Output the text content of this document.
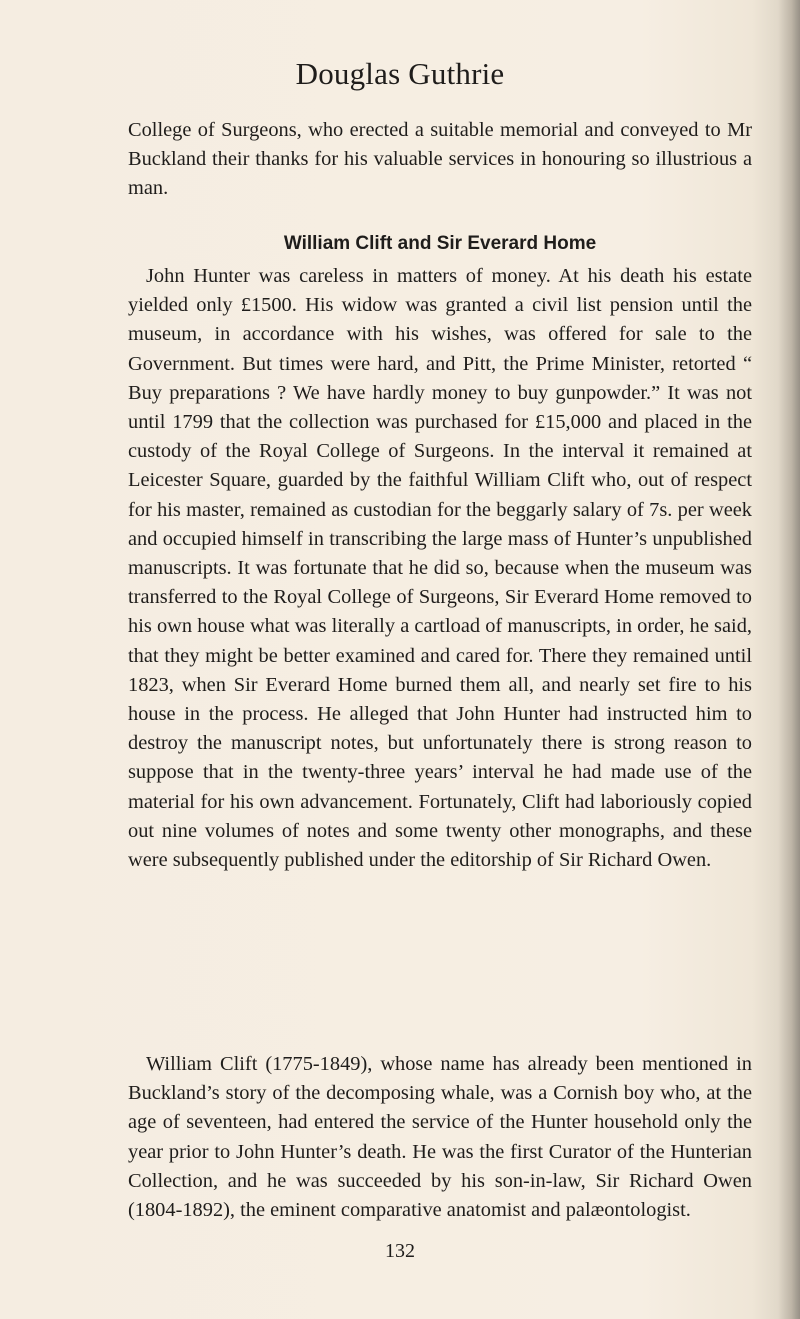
Douglas Guthrie

College of Surgeons, who erected a suitable memorial and conveyed to Mr Buckland their thanks for his valuable services in honouring so illustrious a man.

William Clift and Sir Everard Home

John Hunter was careless in matters of money. At his death his estate yielded only £1500. His widow was granted a civil list pension until the museum, in accordance with his wishes, was offered for sale to the Government. But times were hard, and Pitt, the Prime Minister, retorted “ Buy preparations ? We have hardly money to buy gunpowder.” It was not until 1799 that the collection was purchased for £15,000 and placed in the custody of the Royal College of Surgeons. In the interval it remained at Leicester Square, guarded by the faithful William Clift who, out of respect for his master, remained as custodian for the beggarly salary of 7s. per week and occupied himself in transcribing the large mass of Hunter’s unpublished manuscripts. It was fortunate that he did so, because when the museum was transferred to the Royal College of Surgeons, Sir Everard Home removed to his own house what was literally a cartload of manuscripts, in order, he said, that they might be better examined and cared for. There they remained until 1823, when Sir Everard Home burned them all, and nearly set fire to his house in the process. He alleged that John Hunter had instructed him to destroy the manuscript notes, but unfortunately there is strong reason to suppose that in the twenty-three years’ interval he had made use of the material for his own advancement. Fortunately, Clift had laboriously copied out nine volumes of notes and some twenty other monographs, and these were subsequently published under the editorship of Sir Richard Owen.

William Clift (1775-1849), whose name has already been mentioned in Buckland’s story of the decomposing whale, was a Cornish boy who, at the age of seventeen, had entered the service of the Hunter household only the year prior to John Hunter’s death. He was the first Curator of the Hunterian Collection, and he was succeeded by his son-in-law, Sir Richard Owen (1804-1892), the eminent comparative anatomist and palæontologist.

132
